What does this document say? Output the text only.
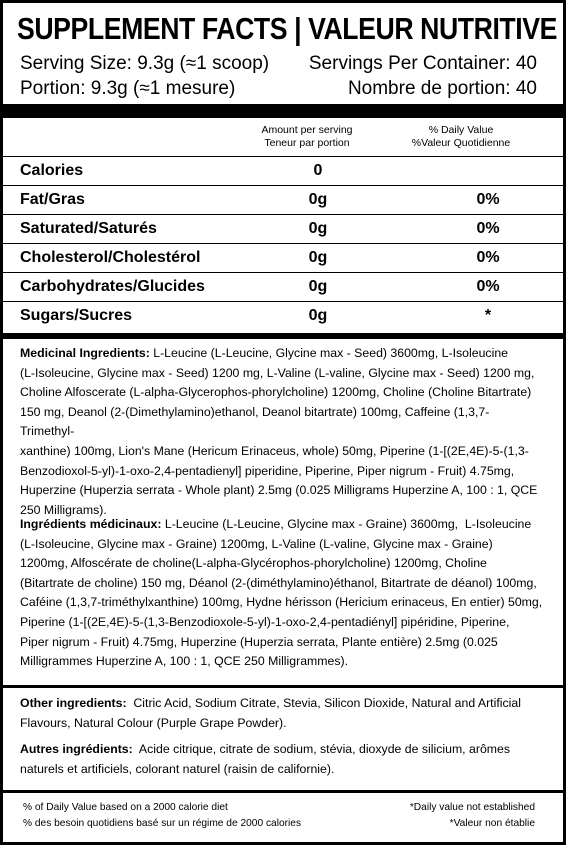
SUPPLEMENT FACTS | VALEUR NUTRITIVE
Serving Size: 9.3g (≈1 scoop) Servings Per Container: 40
Portion: 9.3g (≈1 mesure)	Nombre de portion: 40
Amount per serving
Teneur par portion
% Daily Value
%Valeur Quotidienne
Calories	0
Fat/Gras	0g	0%
Saturated/Saturés	0g	0%
Cholesterol/Cholestérol	0g	0%
Carbohydrates/Glucides	0g	0%
Sugars/Sucres	0g	*
Medicinal Ingredients: L-Leucine (L-Leucine, Glycine max - Seed) 3600mg, L-Isoleucine
(L-Isoleucine, Glycine max - Seed) 1200 mg, L-Valine (L-valine, Glycine max - Seed) 1200 mg,
Choline Alfoscerate (L-alpha-Glycerophos-phorylcholine) 1200mg, Choline (Choline Bitartrate)
150 mg, Deanol (2-(Dimethylamino)ethanol, Deanol bitartrate) 100mg, Caffeine (1,3,7-Trimethyl-
xanthine) 100mg, Lion's Mane (Hericum Erinaceus, whole) 50mg, Piperine (1-[(2E,4E)-5-(1,3-
Benzodioxol-5-yl)-1-oxo-2,4-pentadienyl] piperidine, Piperine, Piper nigrum - Fruit) 4.75mg,
Huperzine (Huperzia serrata - Whole plant) 2.5mg (0.025 Milligrams Huperzine A, 100 : 1, QCE
250 Milligrams).
Ingrédients médicinaux: L-Leucine (L-Leucine, Glycine max - Graine) 3600mg,  L-Isoleucine
(L-Isoleucine, Glycine max - Graine) 1200mg, L-Valine (L-valine, Glycine max - Graine)
1200mg, Alfoscérate de choline(L-alpha-Glycérophos-phorylcholine) 1200mg, Choline
(Bitartrate de choline) 150 mg, Déanol (2-(diméthylamino)éthanol, Bitartrate de déanol) 100mg,
Caféine (1,3,7-triméthylxanthine) 100mg, Hydne hérisson (Hericium erinaceus, En entier) 50mg,
Piperine (1-[(2E,4E)-5-(1,3-Benzodioxole-5-yl)-1-oxo-2,4-pentadiényl] pipéridine, Piperine,
Piper nigrum - Fruit) 4.75mg, Huperzine (Huperzia serrata, Plante entière) 2.5mg (0.025
Milligrammes Huperzine A, 100 : 1, QCE 250 Milligrammes).
Other ingredients:  Citric Acid, Sodium Citrate, Stevia, Silicon Dioxide, Natural and Artificial
Flavours, Natural Colour (Purple Grape Powder).
Autres ingrédients:  Acide citrique, citrate de sodium, stévia, dioxyde de silicium, arômes
naturels et artificiels, colorant naturel (raisin de californie).
% of Daily Value based on a 2000 calorie diet
% des besoin quotidiens basé sur un régime de 2000 calories
*Daily value not established
*Valeur non établie
